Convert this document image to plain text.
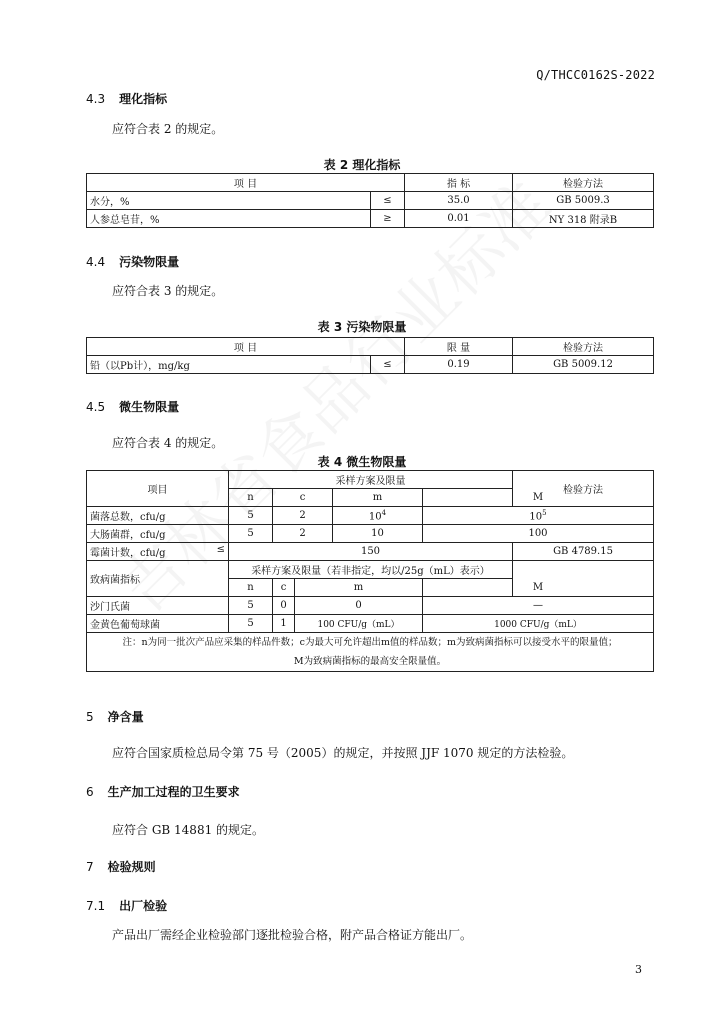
Q/THCC0162S-2022
4.3 理化指标
应符合表 2 的规定。
表 2 理化指标
项 目		指 标	检验方法
水分，%	≤	35.0	GB 5009.3
人参总皂苷，%	≥	0.01	NY 318 附录B
4.4 污染物限量
应符合表 3 的规定。
表 3 污染物限量
项 目		限 量	检验方法
铅（以Pb计），mg/kg	≤	0.19	GB 5009.12
4.5 微生物限量
应符合表 4 的规定。
表 4 微生物限量
项目	采样方案及限量					检验方法	
	n	c		m	M		
菌落总数，cfu/g	5	2		$10^4$	$10^5$	
大肠菌群，cfu/g	5	2		10	100	
霉菌计数，cfu/g ≤	150					GB 4789.15	
致病菌指标	采样方案及限量（若非指定，均以/25g（mL）表示）						
	n	c	m		M		
沙门氏菌	5	0	0		—	
金黄色葡萄球菌	5	1	100 CFU/g（mL）		1000 CFU/g（mL）	

注：n为同一批次产品应采集的样品件数；c为最大可允许超出m值的样品数；m为致病菌指标可以接受水平的限量值；
M为致病菌指标的最高安全限量值。							
5 净含量
应符合国家质检总局令第 75 号（2005）的规定，并按照 JJF 1070 规定的方法检验。
6 生产加工过程的卫生要求
应符合 GB 14881 的规定。
7 检验规则
7.1 出厂检验
产品出厂需经企业检验部门逐批检验合格，附产品合格证方能出厂。
3
